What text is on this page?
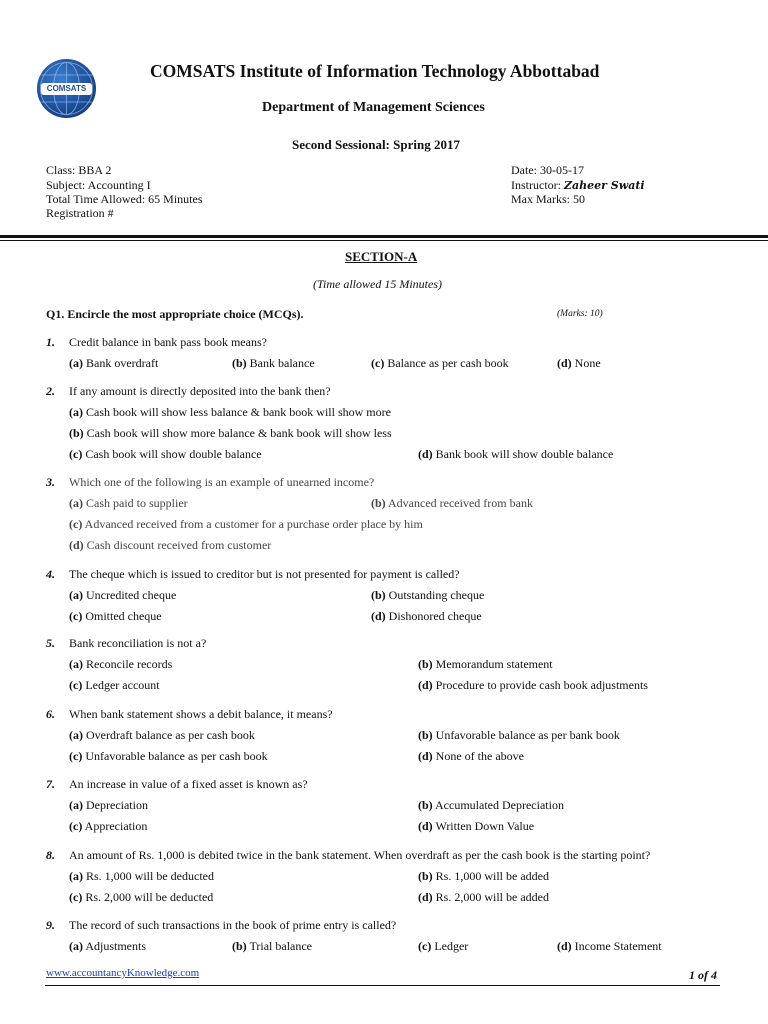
COMSATS
COMSATS Institute of Information Technology Abbottabad
Department of Management Sciences
Second Sessional: Spring 2017
Class: BBA 2
Subject: Accounting I
Total Time Allowed: 65 Minutes
Registration #
Date: 30-05-17
Instructor: Zaheer Swati
Max Marks: 50
SECTION-A
(Time allowed 15 Minutes)
Q1. Encircle the most appropriate choice (MCQs).	(Marks: 10)
1. Credit balance in bank pass book means?
(a) Bank overdraft	(b) Bank balance	(c) Balance as per cash book	(d) None
2. If any amount is directly deposited into the bank then?
(a) Cash book will show less balance & bank book will show more
(b) Cash book will show more balance & bank book will show less
(c) Cash book will show double balance	(d) Bank book will show double balance
3. Which one of the following is an example of unearned income?
(a) Cash paid to supplier	(b) Advanced received from bank
(c) Advanced received from a customer for a purchase order place by him
(d) Cash discount received from customer
4. The cheque which is issued to creditor but is not presented for payment is called?
(a) Uncredited cheque	(b) Outstanding cheque
(c) Omitted cheque	(d) Dishonored cheque
5. Bank reconciliation is not a?
(a) Reconcile records	(b) Memorandum statement
(c) Ledger account	(d) Procedure to provide cash book adjustments
6. When bank statement shows a debit balance, it means?
(a) Overdraft balance as per cash book	(b) Unfavorable balance as per bank book
(c) Unfavorable balance as per cash book	(d) None of the above
7. An increase in value of a fixed asset is known as?
(a) Depreciation	(b) Accumulated Depreciation
(c) Appreciation	(d) Written Down Value
8. An amount of Rs. 1,000 is debited twice in the bank statement. When overdraft as per the cash book is the starting point?
(a) Rs. 1,000 will be deducted	(b) Rs. 1,000 will be added
(c) Rs. 2,000 will be deducted	(d) Rs. 2,000 will be added
9. The record of such transactions in the book of prime entry is called?
(a) Adjustments	(b) Trial balance	(c) Ledger	(d) Income Statement
www.accountancyKnowledge.com	1 of 4
